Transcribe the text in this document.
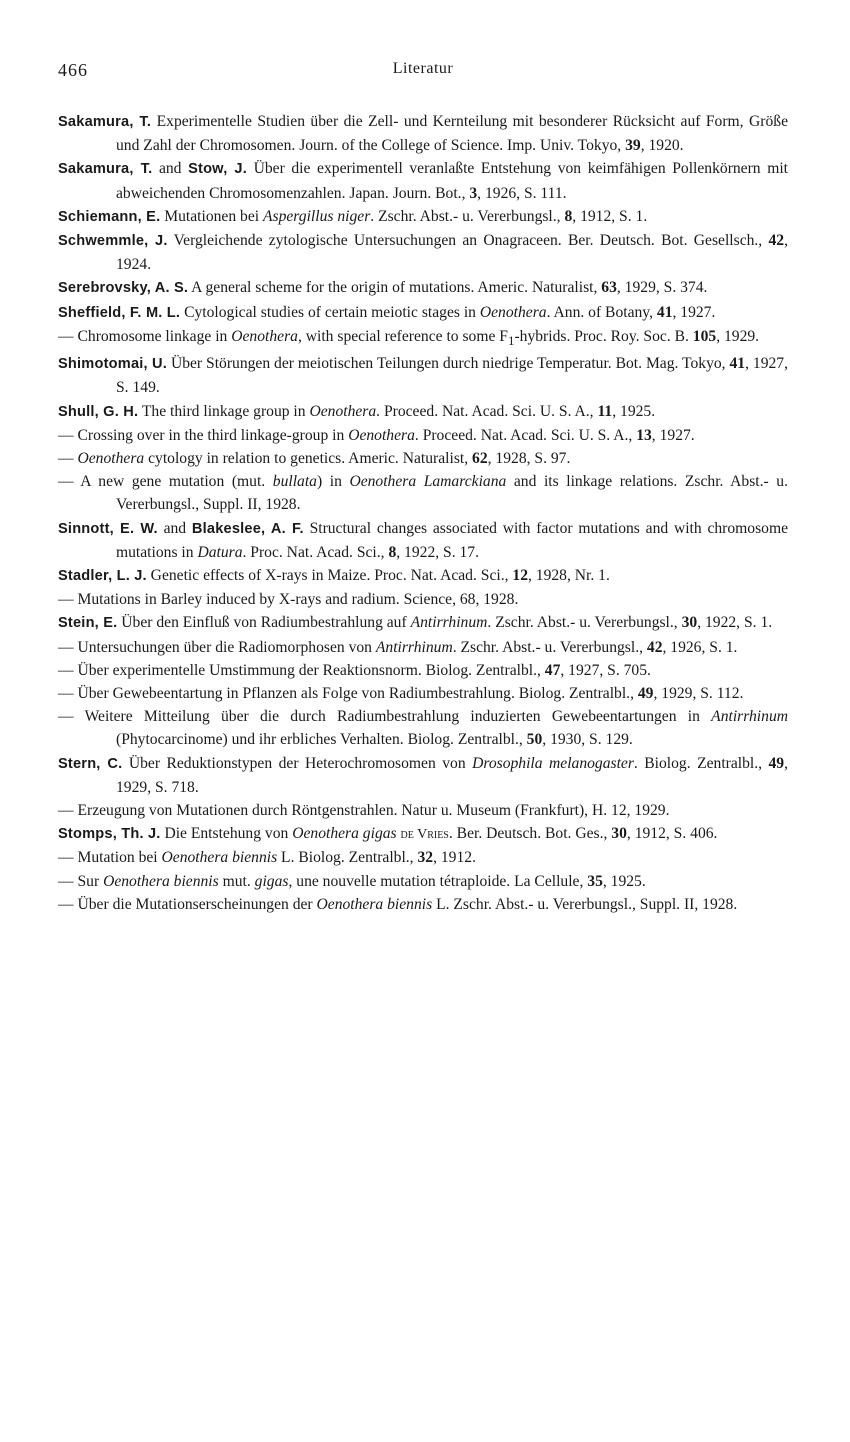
466	Literatur

Sakamura, T. Experimentelle Studien über die Zell- und Kernteilung mit besonderer Rücksicht auf Form, Größe und Zahl der Chromosomen. Journ. of the College of Science. Imp. Univ. Tokyo, 39, 1920.

Sakamura, T. and Stow, J. Über die experimentell veranlaßte Entstehung von keimfähigen Pollenkörnern mit abweichenden Chromosomenzahlen. Japan. Journ. Bot., 3, 1926, S. 111.

Schiemann, E. Mutationen bei Aspergillus niger. Zschr. Abst.- u. Vererbungsl., 8, 1912, S. 1.

Schwemmle, J. Vergleichende zytologische Untersuchungen an Onagraceen. Ber. Deutsch. Bot. Gesellsch., 42, 1924.

Serebrovsky, A. S. A general scheme for the origin of mutations. Americ. Naturalist, 63, 1929, S. 374.

Sheffield, F. M. L. Cytological studies of certain meiotic stages in Oenothera. Ann. of Botany, 41, 1927.

— Chromosome linkage in Oenothera, with special reference to some $F_1$-hybrids. Proc. Roy. Soc. B. 105, 1929.

Shimotomai, U. Über Störungen der meiotischen Teilungen durch niedrige Temperatur. Bot. Mag. Tokyo, 41, 1927, S. 149.

Shull, G. H. The third linkage group in Oenothera. Proceed. Nat. Acad. Sci. U. S. A., 11, 1925.

— Crossing over in the third linkage-group in Oenothera. Proceed. Nat. Acad. Sci. U. S. A., 13, 1927.

— Oenothera cytology in relation to genetics. Americ. Naturalist, 62, 1928, S. 97.

— A new gene mutation (mut. bullata) in Oenothera Lamarckiana and its linkage relations. Zschr. Abst.- u. Vererbungsl., Suppl. II, 1928.

Sinnott, E. W. and Blakeslee, A. F. Structural changes associated with factor mutations and with chromosome mutations in Datura. Proc. Nat. Acad. Sci., 8, 1922, S. 17.

Stadler, L. J. Genetic effects of X-rays in Maize. Proc. Nat. Acad. Sci., 12, 1928, Nr. 1.

— Mutations in Barley induced by X-rays and radium. Science, 68, 1928.

Stein, E. Über den Einfluß von Radiumbestrahlung auf Antirrhinum. Zschr. Abst.- u. Vererbungsl., 30, 1922, S. 1.

— Untersuchungen über die Radiomorphosen von Antirrhinum. Zschr. Abst.- u. Vererbungsl., 42, 1926, S. 1.

— Über experimentelle Umstimmung der Reaktionsnorm. Biolog. Zentralbl., 47, 1927, S. 705.

— Über Gewebeentartung in Pflanzen als Folge von Radiumbestrahlung. Biolog. Zentralbl., 49, 1929, S. 112.

— Weitere Mitteilung über die durch Radiumbestrahlung induzierten Gewebeentartungen in Antirrhinum (Phytocarcinome) und ihr erbliches Verhalten. Biolog. Zentralbl., 50, 1930, S. 129.

Stern, C. Über Reduktionstypen der Heterochromosomen von Drosophila melanogaster. Biolog. Zentralbl., 49, 1929, S. 718.

— Erzeugung von Mutationen durch Röntgenstrahlen. Natur u. Museum (Frankfurt), H. 12, 1929.

Stomps, Th. J. Die Entstehung von Oenothera gigas de Vries. Ber. Deutsch. Bot. Ges., 30, 1912, S. 406.

— Mutation bei Oenothera biennis L. Biolog. Zentralbl., 32, 1912.

— Sur Oenothera biennis mut. gigas, une nouvelle mutation tétraploide. La Cellule, 35, 1925.

— Über die Mutationserscheinungen der Oenothera biennis L. Zschr. Abst.- u. Vererbungsl., Suppl. II, 1928.
